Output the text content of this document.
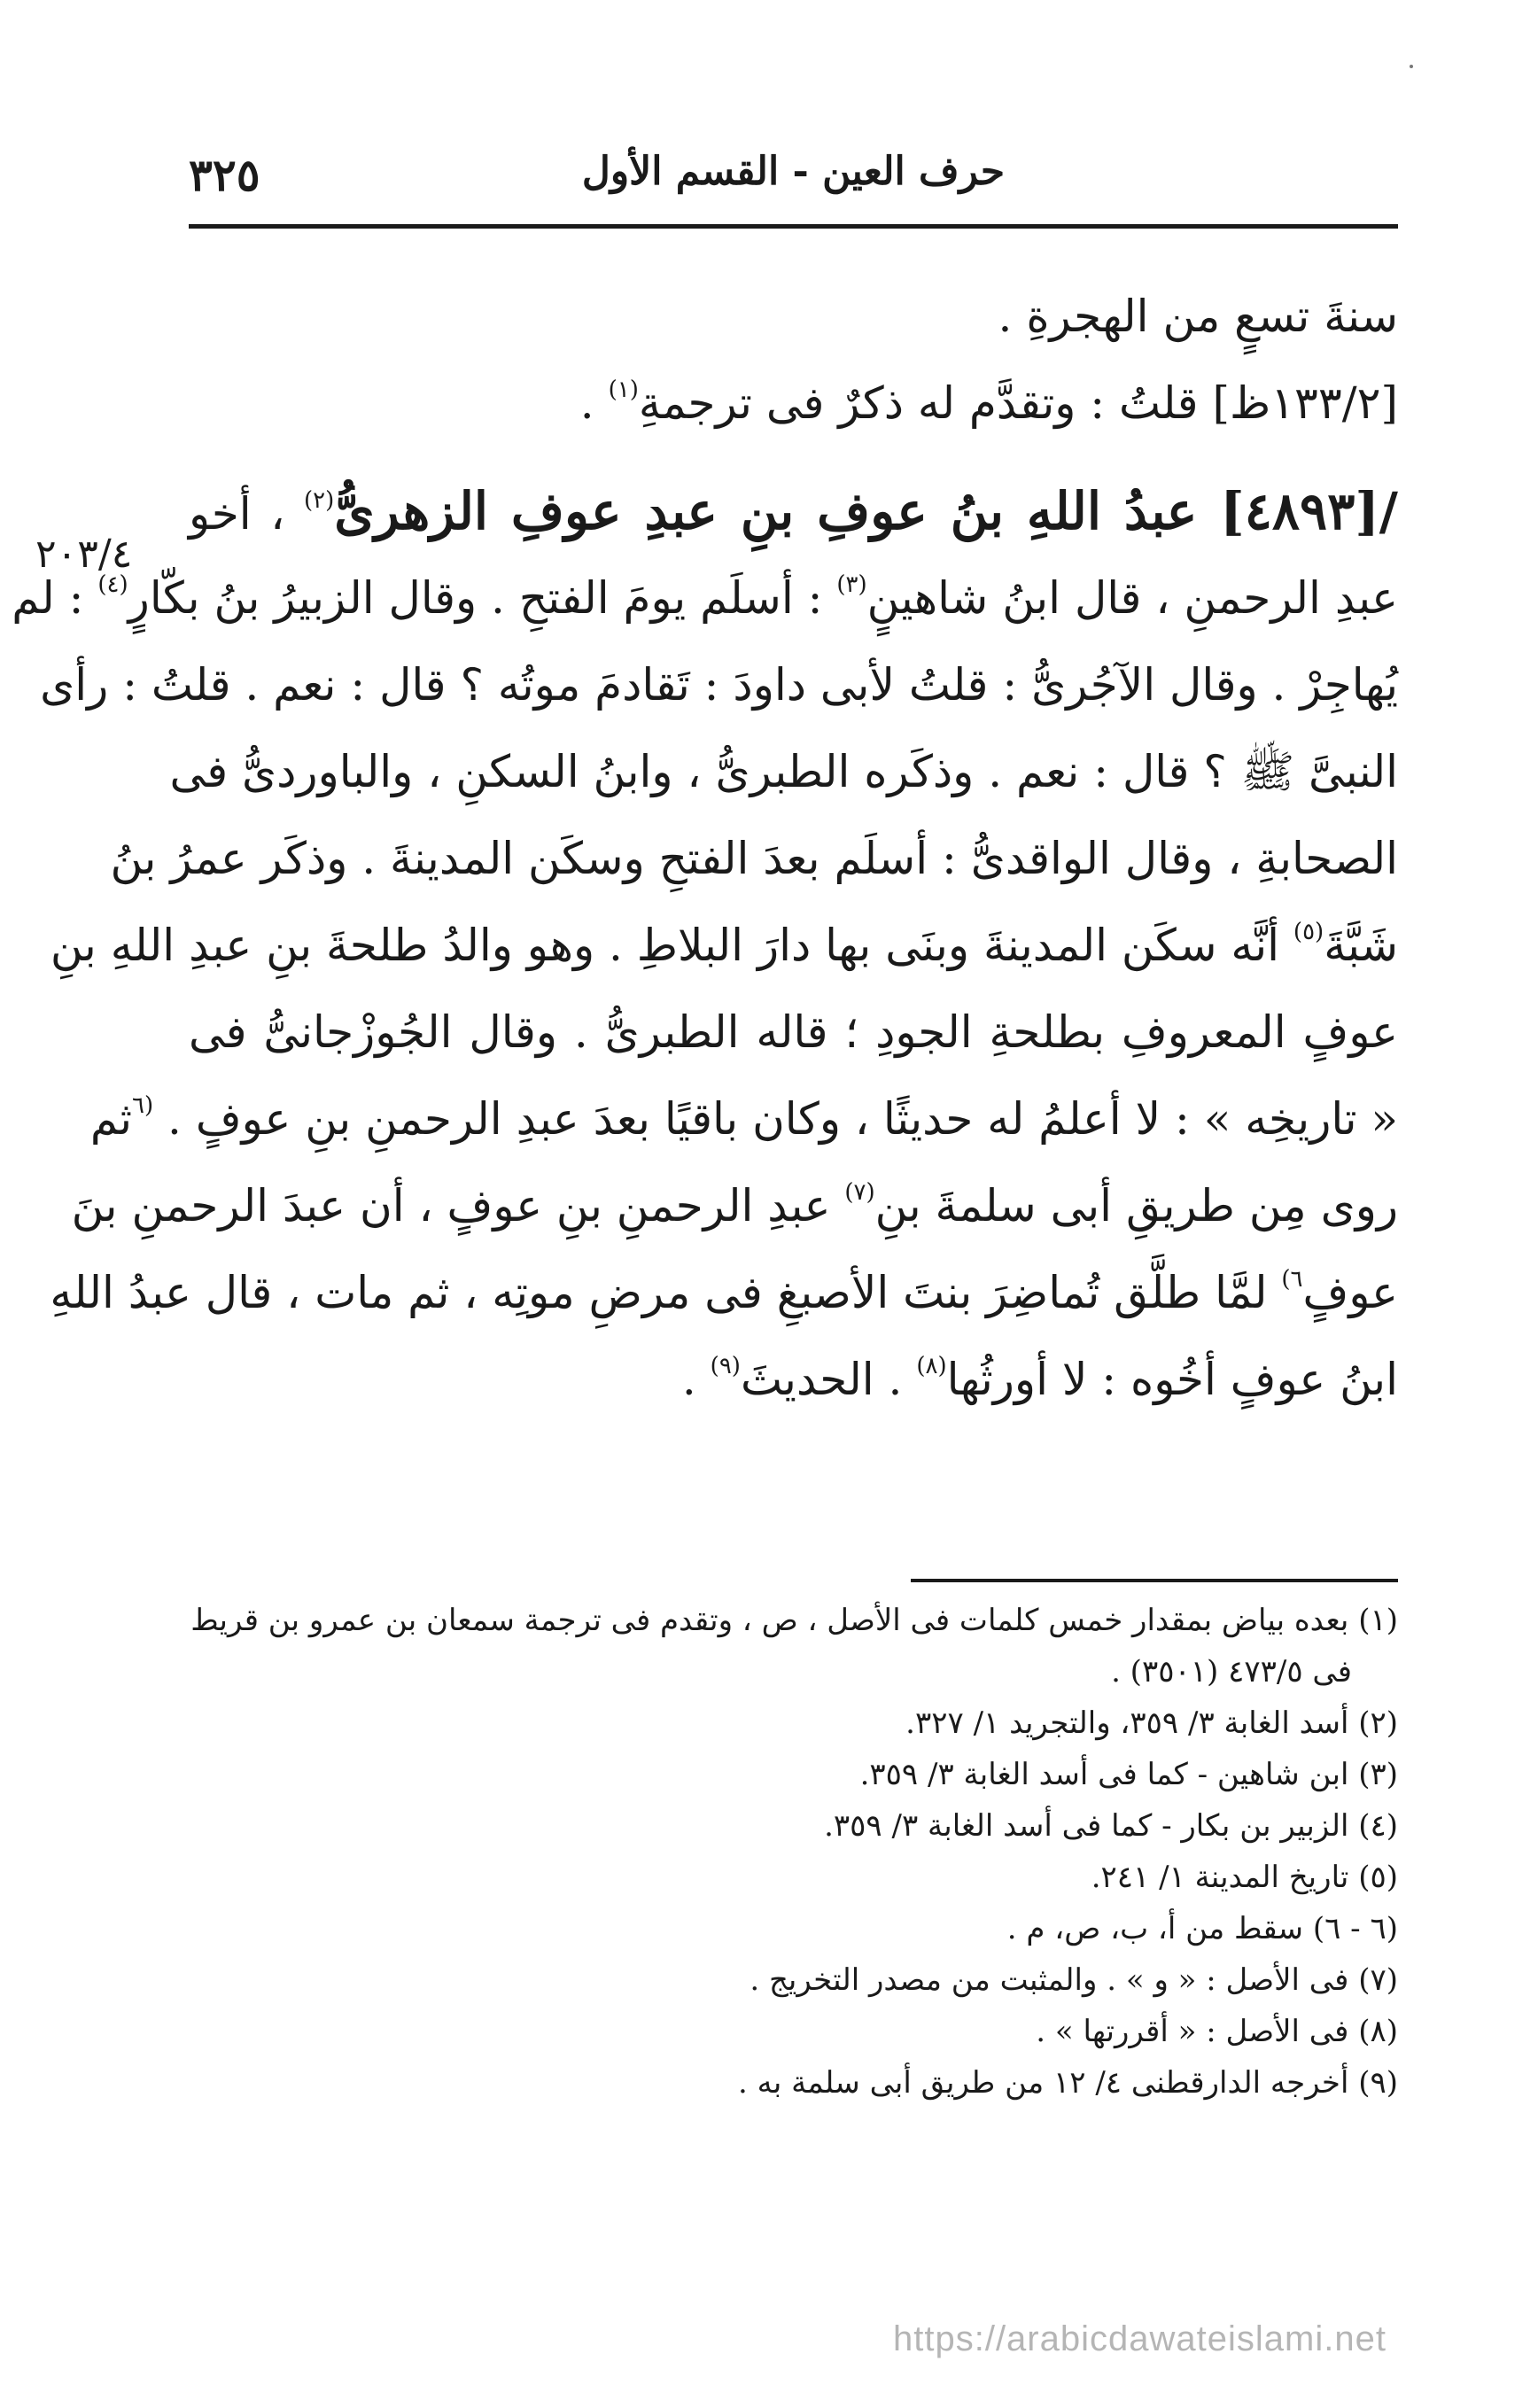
٣٢٥	حرف العين - القسم الأول
٢٠٣/٤
سنةَ تسعٍ من الهجرةِ .
[١٣٣/٢ظ] قلتُ : وتقدَّم له ذكرٌ فى ترجمةِ$^{(١)}$ .
/[٤٨٩٣] عبدُ اللهِ بنُ عوفِ بنِ عبدِ عوفِ الزهرىُّ$^{(٢)}$ ، أخو
عبدِ الرحمنِ ، قال ابنُ شاهينٍ$^{(٣)}$ : أسلَم يومَ الفتحِ . وقال الزبيرُ بنُ بكّارٍ$^{(٤)}$ : لم
يُهاجِرْ . وقال الآجُرىُّ : قلتُ لأبى داودَ : تَقادمَ موتُه ؟ قال : نعم . قلتُ : رأى
النبىَّ ﷺ ؟ قال : نعم . وذكَره الطبرىُّ ، وابنُ السكنِ ، والباوردىُّ فى
الصحابةِ ، وقال الواقدىُّ : أسلَم بعدَ الفتحِ وسكَن المدينةَ . وذكَر عمرُ بنُ
شَبَّةَ$^{(٥)}$ أنَّه سكَن المدينةَ وبنَى بها دارَ البلاطِ . وهو والدُ طلحةَ بنِ عبدِ اللهِ بنِ
عوفٍ المعروفِ بطلحةِ الجودِ ؛ قاله الطبرىُّ . وقال الجُوزْجانىُّ فى
« تاريخِه » : لا أعلمُ له حديثًا ، وكان باقيًا بعدَ عبدِ الرحمنِ بنِ عوفٍ . $^{(٦}$ثم
روى مِن طريقِ أبى سلمةَ بنِ$^{(٧)}$ عبدِ الرحمنِ بنِ عوفٍ ، أن عبدَ الرحمنِ بنَ
عوفٍ$^{٦)}$ لمَّا طلَّق تُماضِرَ بنتَ الأصبغِ فى مرضِ موتِه ، ثم مات ، قال عبدُ اللهِ
ابنُ عوفٍ أخُوه : لا أورثُها$^{(٨)}$ . الحديثَ$^{(٩)}$ .
(١) بعده بياض بمقدار خمس كلمات فى الأصل ، ص ، وتقدم فى ترجمة سمعان بن عمرو بن قريط
فى ٤٧٣/٥ (٣٥٠١) .
(٢) أسد الغابة ٣/ ٣٥٩، والتجريد ١/ ٣٢٧.
(٣) ابن شاهين - كما فى أسد الغابة ٣/ ٣٥٩.
(٤) الزبير بن بكار - كما فى أسد الغابة ٣/ ٣٥٩.
(٥) تاريخ المدينة ١/ ٢٤١.
(٦ - ٦) سقط من أ، ب، ص، م .
(٧) فى الأصل : « و » . والمثبت من مصدر التخريج .
(٨) فى الأصل : « أقررتها » .
(٩) أخرجه الدارقطنى ٤/ ١٢ من طريق أبى سلمة به .
https://arabicdawateislami.net
